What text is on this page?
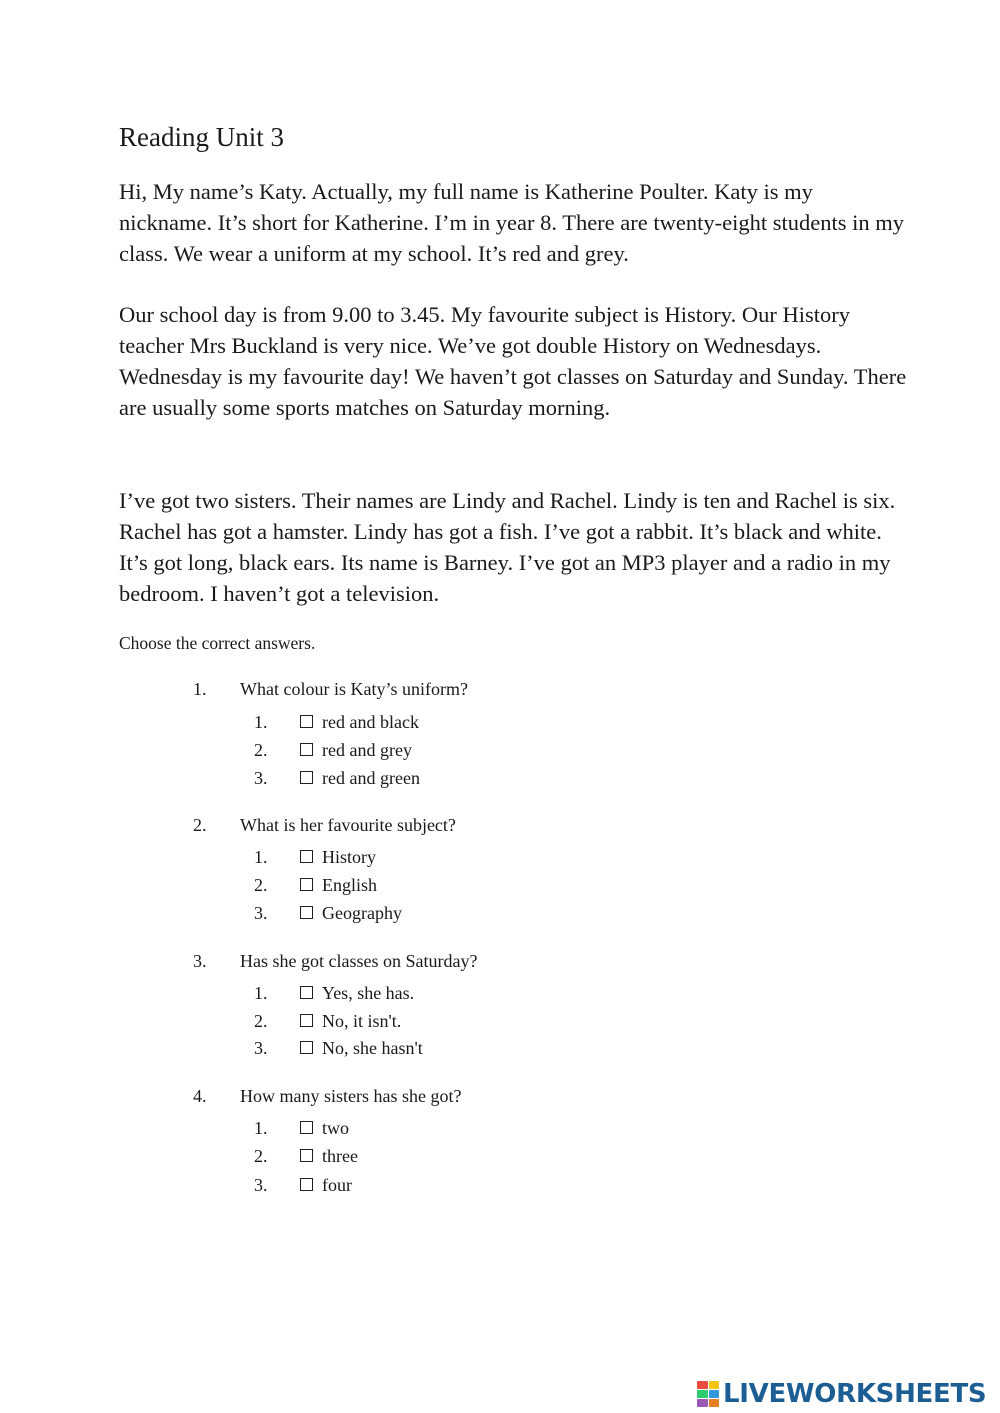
Reading Unit 3

Hi, My name’s Katy. Actually, my full name is Katherine Poulter. Katy is my nickname. It’s short for Katherine. I’m in year 8. There are twenty-eight students in my class. We wear a uniform at my school. It’s red and grey.

Our school day is from 9.00 to 3.45. My favourite subject is History. Our History teacher Mrs Buckland is very nice. We’ve got double History on Wednesdays. Wednesday is my favourite day! We haven’t got classes on Saturday and Sunday. There are usually some sports matches on Saturday morning.

I’ve got two sisters. Their names are Lindy and Rachel. Lindy is ten and Rachel is six. Rachel has got a hamster. Lindy has got a fish. I’ve got a rabbit. It’s black and white. It’s got long, black ears. Its name is Barney. I’ve got an MP3 player and a radio in my bedroom. I haven’t got a television.

Choose the correct answers.

1. What colour is Katy’s uniform?
1.	red and black
2.	red and grey
3.	red and green
2. What is her favourite subject?
1.	History
2.	English
3.	Geography
3. Has she got classes on Saturday?
1.	Yes, she has.
2.	No, it isn't.
3.	No, she hasn't
4. How many sisters has she got?
1.	two
2.	three
3.	four
LIVEWORKSHEETS
